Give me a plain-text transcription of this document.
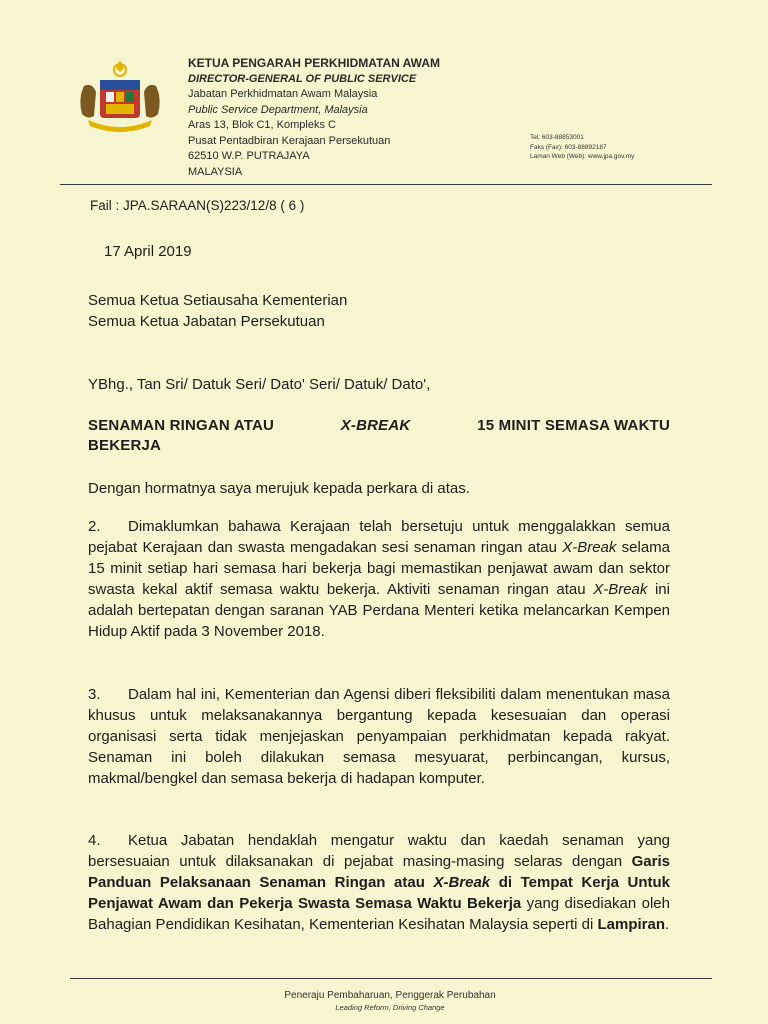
KETUA PENGARAH PERKHIDMATAN AWAM
DIRECTOR-GENERAL OF PUBLIC SERVICE
Jabatan Perkhidmatan Awam Malaysia
Public Service Department, Malaysia
Aras 13, Blok C1, Kompleks C
Pusat Pentadbiran Kerajaan Persekutuan
62510 W.P. PUTRAJAYA
MALAYSIA
Tel: 603-88853001
Faks (Fax): 603-88892187
Laman Web (Web): www.jpa.gov.my
Fail : JPA.SARAAN(S)223/12/8 ( 6 )
17 April 2019
Semua Ketua Setiausaha Kementerian
Semua Ketua Jabatan Persekutuan
YBhg., Tan Sri/ Datuk Seri/ Dato' Seri/ Datuk/ Dato',
SENAMAN RINGAN ATAU	X-BREAK	15 MINIT SEMASA WAKTU
BEKERJA
Dengan hormatnya saya merujuk kepada perkara di atas.
2. Dimaklumkan bahawa Kerajaan telah bersetuju untuk menggalakkan semua pejabat Kerajaan dan swasta mengadakan sesi senaman ringan atau X-Break selama 15 minit setiap hari semasa hari bekerja bagi memastikan penjawat awam dan sektor swasta kekal aktif semasa waktu bekerja. Aktiviti senaman ringan atau X-Break ini adalah bertepatan dengan saranan YAB Perdana Menteri ketika melancarkan Kempen Hidup Aktif pada 3 November 2018.
3. Dalam hal ini, Kementerian dan Agensi diberi fleksibiliti dalam menentukan masa khusus untuk melaksanakannya bergantung kepada kesesuaian dan operasi organisasi serta tidak menjejaskan penyampaian perkhidmatan kepada rakyat. Senaman ini boleh dilakukan semasa mesyuarat, perbincangan, kursus, makmal/bengkel dan semasa bekerja di hadapan komputer.
4. Ketua Jabatan hendaklah mengatur waktu dan kaedah senaman yang bersesuaian untuk dilaksanakan di pejabat masing-masing selaras dengan Garis Panduan Pelaksanaan Senaman Ringan atau X-Break di Tempat Kerja Untuk Penjawat Awam dan Pekerja Swasta Semasa Waktu Bekerja yang disediakan oleh Bahagian Pendidikan Kesihatan, Kementerian Kesihatan Malaysia seperti di Lampiran.
Peneraju Pembaharuan, Penggerak Perubahan
Leading Reform, Driving Change
